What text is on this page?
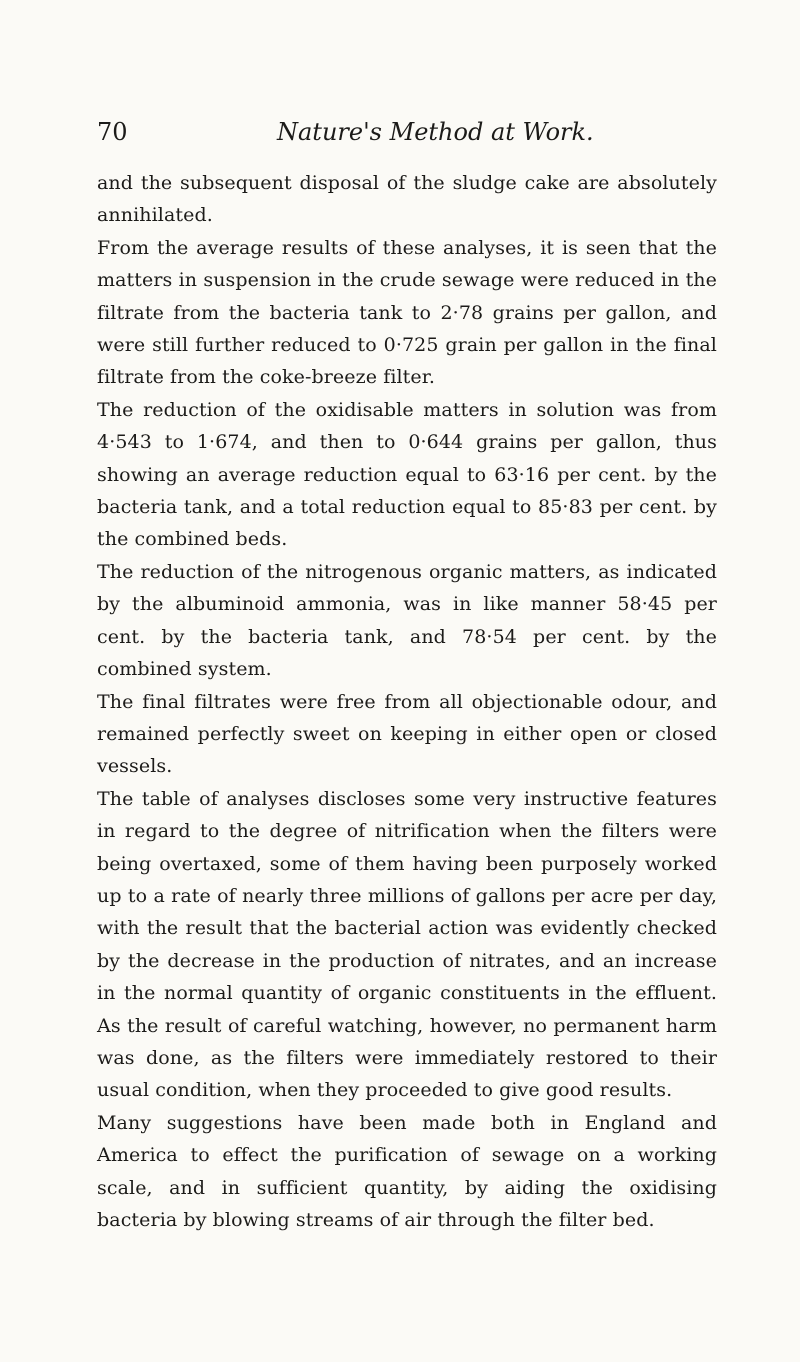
70	Nature's Method at Work.

and the subsequent disposal of the sludge cake are absolutely annihilated.

From the average results of these analyses, it is seen that the matters in suspension in the crude sewage were reduced in the filtrate from the bacteria tank to 2·78 grains per gallon, and were still further reduced to 0·725 grain per gallon in the final filtrate from the coke-breeze filter.

The reduction of the oxidisable matters in solution was from 4·543 to 1·674, and then to 0·644 grains per gallon, thus showing an average reduction equal to 63·16 per cent. by the bacteria tank, and a total reduction equal to 85·83 per cent. by the combined beds.

The reduction of the nitrogenous organic matters, as indicated by the albuminoid ammonia, was in like manner 58·45 per cent. by the bacteria tank, and 78·54 per cent. by the combined system.

The final filtrates were free from all objectionable odour, and remained perfectly sweet on keeping in either open or closed vessels.

The table of analyses discloses some very instructive features in regard to the degree of nitrification when the filters were being overtaxed, some of them having been purposely worked up to a rate of nearly three millions of gallons per acre per day, with the result that the bacterial action was evidently checked by the decrease in the production of nitrates, and an increase in the normal quantity of organic constituents in the effluent. As the result of careful watching, however, no permanent harm was done, as the filters were immediately restored to their usual condition, when they proceeded to give good results.

Many suggestions have been made both in England and America to effect the purification of sewage on a working scale, and in sufficient quantity, by aiding the oxidising bacteria by blowing streams of air through the filter bed.
